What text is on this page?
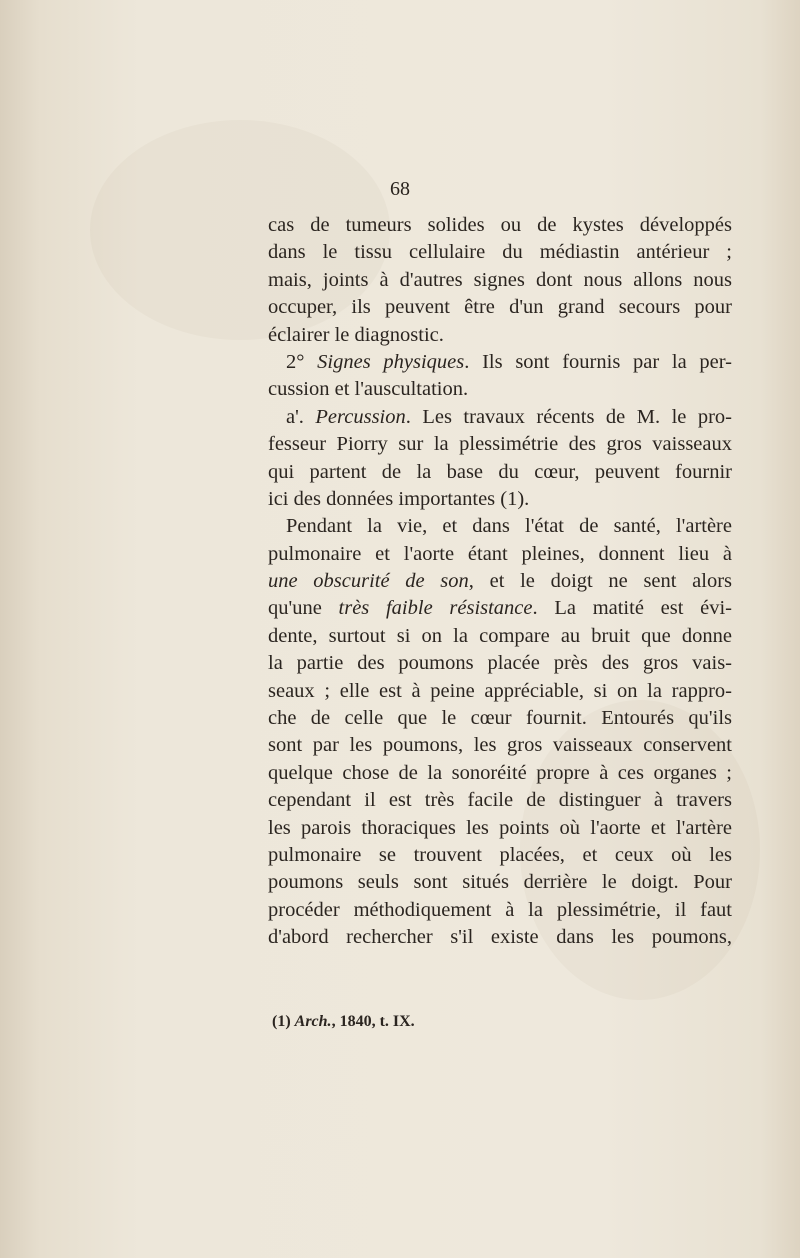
68
cas de tumeurs solides ou de kystes développés
dans le tissu cellulaire du médiastin antérieur ;
mais, joints à d'autres signes dont nous allons nous
occuper, ils peuvent être d'un grand secours pour
éclairer le diagnostic.
2° Signes physiques. Ils sont fournis par la per-
cussion et l'auscultation.
a'. Percussion. Les travaux récents de M. le pro-
fesseur Piorry sur la plessimétrie des gros vaisseaux
qui partent de la base du cœur, peuvent fournir
ici des données importantes (1).
Pendant la vie, et dans l'état de santé, l'artère
pulmonaire et l'aorte étant pleines, donnent lieu à
une obscurité de son, et le doigt ne sent alors
qu'une très faible résistance. La matité est évi-
dente, surtout si on la compare au bruit que donne
la partie des poumons placée près des gros vais-
seaux ; elle est à peine appréciable, si on la rappro-
che de celle que le cœur fournit. Entourés qu'ils
sont par les poumons, les gros vaisseaux conservent
quelque chose de la sonoréité propre à ces organes ;
cependant il est très facile de distinguer à travers
les parois thoraciques les points où l'aorte et l'artère
pulmonaire se trouvent placées, et ceux où les
poumons seuls sont situés derrière le doigt. Pour
procéder méthodiquement à la plessimétrie, il faut
d'abord rechercher s'il existe dans les poumons,
(1) Arch., 1840, t. IX.
